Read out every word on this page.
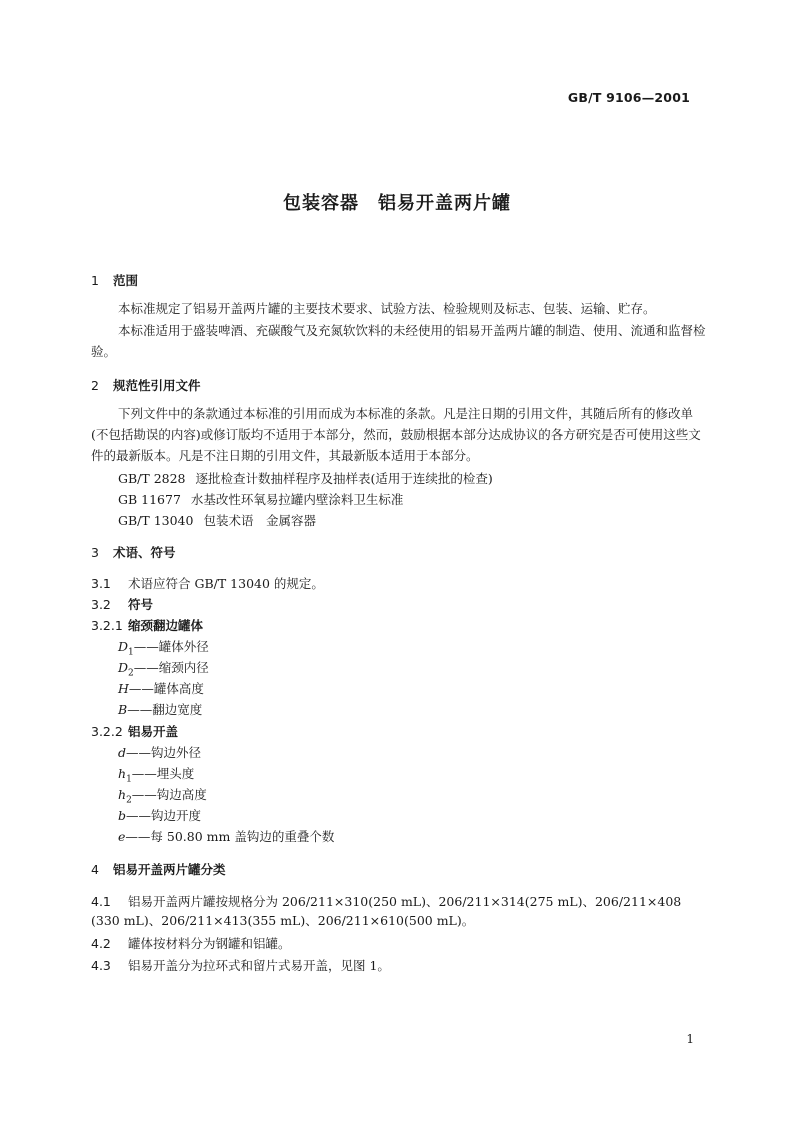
GB/T 9106—2001
包装容器　铝易开盖两片罐
1 范围
本标准规定了铝易开盖两片罐的主要技术要求、试验方法、检验规则及标志、包装、运输、贮存。
本标准适用于盛装啤酒、充碳酸气及充氮软饮料的未经使用的铝易开盖两片罐的制造、使用、流通和监督检验。
2 规范性引用文件
下列文件中的条款通过本标准的引用而成为本标准的条款。凡是注日期的引用文件，其随后所有的修改单(不包括勘误的内容)或修订版均不适用于本部分，然而，鼓励根据本部分达成协议的各方研究是否可使用这些文件的最新版本。凡是不注日期的引用文件，其最新版本适用于本部分。
GB/T 2828 逐批检查计数抽样程序及抽样表(适用于连续批的检查)
GB 11677 水基改性环氧易拉罐内壁涂料卫生标准
GB/T 13040 包装术语　金属容器
3 术语、符号
3.1 术语应符合 GB/T 13040 的规定。
3.2 符号
3.2.1 缩颈翻边罐体
$D_1——$罐体外径
$D_2——$缩颈内径
H——罐体高度
B——翻边宽度
3.2.2 铝易开盖
d——钩边外径
$h_1——$埋头度
$h_2——$钩边高度
b——钩边开度
e——每 50.80 mm 盖钩边的重叠个数
4 铝易开盖两片罐分类
4.1 铝易开盖两片罐按规格分为 206/211×310(250 mL)、206/211×314(275 mL)、206/211×408
(330 mL)、206/211×413(355 mL)、206/211×610(500 mL)。
4.2 罐体按材料分为钢罐和铝罐。
4.3 铝易开盖分为拉环式和留片式易开盖，见图 1。
1
